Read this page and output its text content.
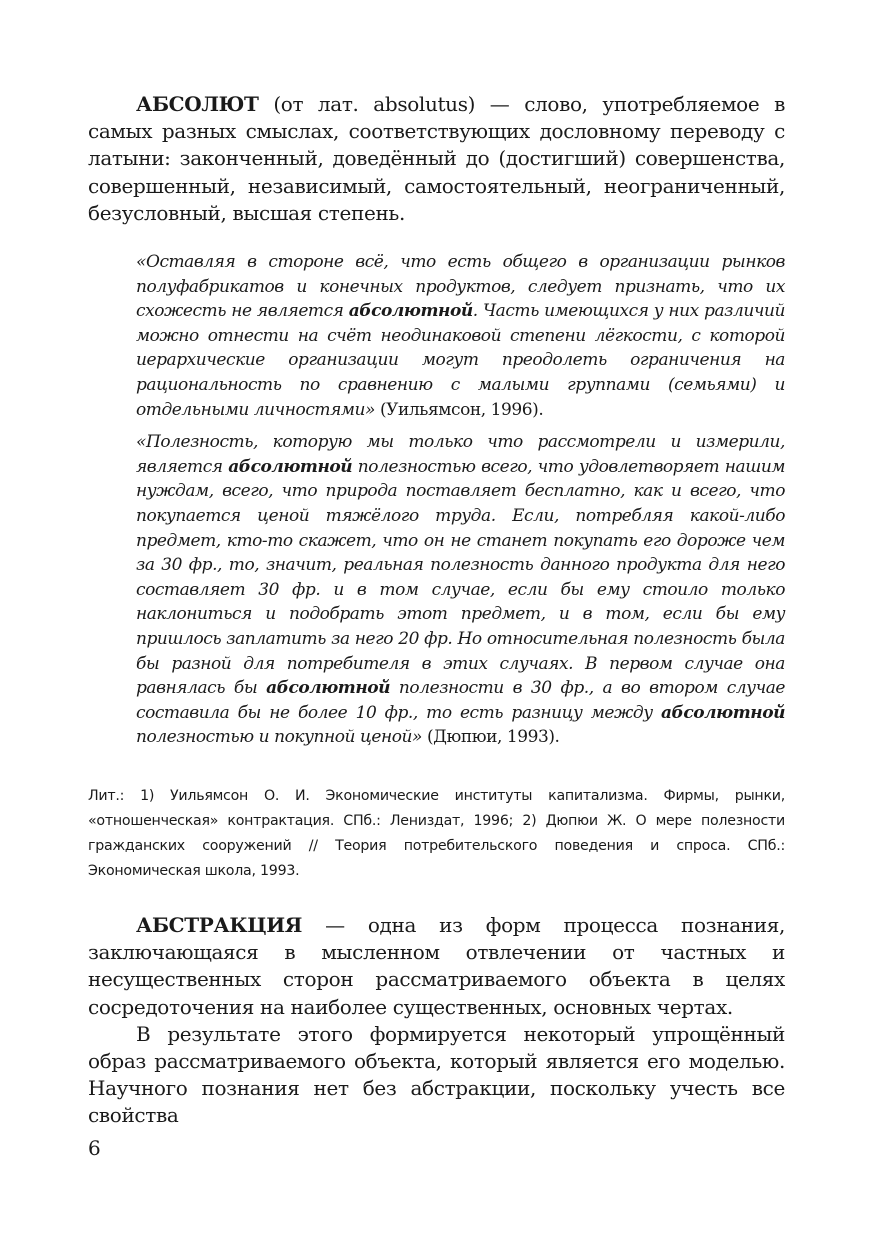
АБСОЛЮТ (от лат. absolutus) — слово, употребляемое в самых разных смыслах, соответствующих дословному переводу с латыни: законченный, доведённый до (достигший) совершенства, совершенный, независимый, самостоятельный, неограниченный, безусловный, высшая степень.

«Оставляя в стороне всё, что есть общего в организации рынков полуфабрикатов и конечных продуктов, следует признать, что их схожесть не является абсолютной. Часть имеющихся у них различий можно отнести на счёт неодинаковой степени лёгкости, с которой иерархические организации могут преодолеть ограничения на рациональность по сравнению с малыми группами (семьями) и отдельными личностями» (Уильямсон, 1996).

«Полезность, которую мы только что рассмотрели и измерили, является абсолютной полезностью всего, что удовлетворяет нашим нуждам, всего, что природа поставляет бесплатно, как и всего, что покупается ценой тяжёлого труда. Если, потребляя какой-либо предмет, кто-то скажет, что он не станет покупать его дороже чем за 30 фр., то, значит, реальная полезность данного продукта для него составляет 30 фр. и в том случае, если бы ему стоило только наклониться и подобрать этот предмет, и в том, если бы ему пришлось заплатить за него 20 фр. Но относительная полезность была бы разной для потребителя в этих случаях. В первом случае она равнялась бы абсолютной полезности в 30 фр., а во втором случае составила бы не более 10 фр., то есть разницу между абсолютной полезностью и покупной ценой» (Дюпюи, 1993).

Лит.: 1) Уильямсон О. И. Экономические институты капитализма. Фирмы, рынки, «отношенческая» контрактация. СПб.: Лениздат, 1996; 2) Дюпюи Ж. О мере полезности гражданских сооружений // Теория потребительского поведения и спроса. СПб.: Экономическая школа, 1993.

АБСТРАКЦИЯ — одна из форм процесса познания, заключающаяся в мысленном отвлечении от частных и несущественных сторон рассматриваемого объекта в целях сосредоточения на наиболее существенных, основных чертах.

В результате этого формируется некоторый упрощённый образ рассматриваемого объекта, который является его моделью. Научного познания нет без абстракции, поскольку учесть все свойства

6
